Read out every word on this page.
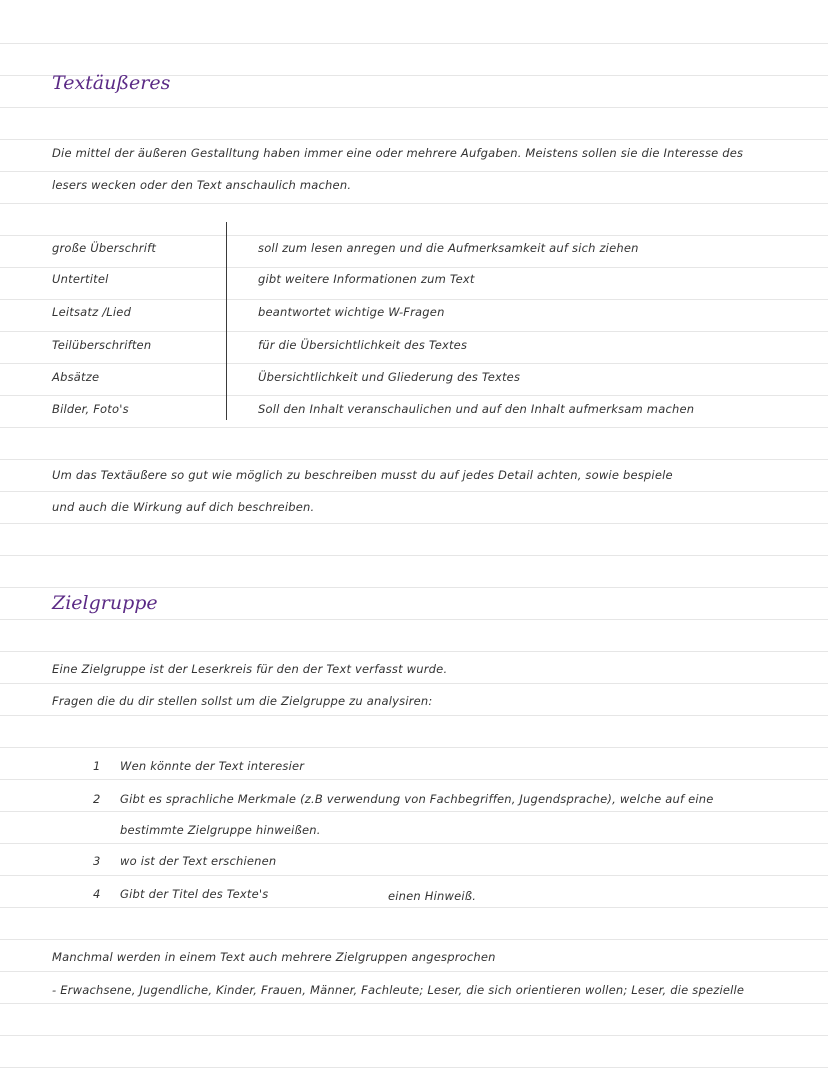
Textäußeres
Die mittel der äußeren Gestalltung haben immer eine oder mehrere Aufgaben. Meistens sollen sie die Interesse des
lesers wecken oder den Text anschaulich machen.
große Überschrift	soll zum lesen anregen und die Aufmerksamkeit auf sich ziehen
Untertitel	gibt weitere Informationen zum Text
Leitsatz /Lied	beantwortet wichtige W-Fragen
Teilüberschriften	für die Übersichtlichkeit des Textes
Absätze	Übersichtlichkeit und Gliederung des Textes
Bilder, Foto's	Soll den Inhalt veranschaulichen und auf den Inhalt aufmerksam machen
Um das Textäußere so gut wie möglich zu beschreiben musst du auf jedes Detail achten, sowie bespiele
und auch die Wirkung auf dich beschreiben.
Zielgruppe
Eine Zielgruppe ist der Leserkreis für den der Text verfasst wurde.
Fragen die du dir stellen sollst um die Zielgruppe zu analysiren:
1 Wen könnte der Text interesier
2 Gibt es sprachliche Merkmale (z.B verwendung von Fachbegriffen, Jugendsprache), welche auf eine
bestimmte Zielgruppe hinweißen.
3 wo ist der Text erschienen
4 Gibt der Titel des Texte's	einen Hinweiß.
Manchmal werden in einem Text auch mehrere Zielgruppen angesprochen
- Erwachsene, Jugendliche, Kinder, Frauen, Männer, Fachleute; Leser, die sich orientieren wollen; Leser, die spezielle
